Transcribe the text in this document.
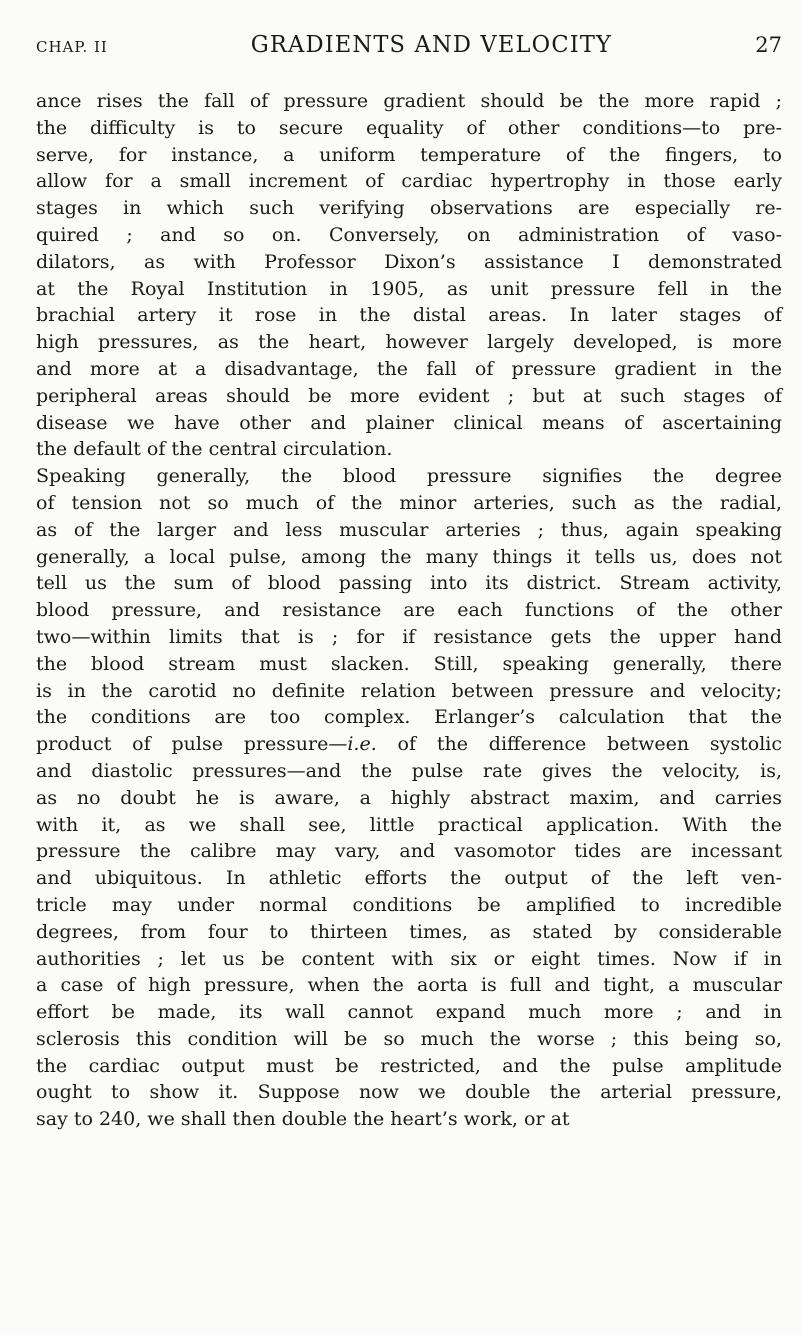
CHAP. II	GRADIENTS AND VELOCITY	27

ance rises the fall of pressure gradient should be the more rapid ;
the difficulty is to secure equality of other conditions—to pre-
serve, for instance, a uniform temperature of the fingers, to
allow for a small increment of cardiac hypertrophy in those early
stages in which such verifying observations are especially re-
quired ; and so on. Conversely, on administration of vaso-
dilators, as with Professor Dixon’s assistance I demonstrated
at the Royal Institution in 1905, as unit pressure fell in the
brachial artery it rose in the distal areas. In later stages of
high pressures, as the heart, however largely developed, is more
and more at a disadvantage, the fall of pressure gradient in the
peripheral areas should be more evident ; but at such stages of
disease we have other and plainer clinical means of ascertaining
the default of the central circulation.

Speaking generally, the blood pressure signifies the degree
of tension not so much of the minor arteries, such as the radial,
as of the larger and less muscular arteries ; thus, again speaking
generally, a local pulse, among the many things it tells us, does not
tell us the sum of blood passing into its district. Stream activity,
blood pressure, and resistance are each functions of the other
two—within limits that is ; for if resistance gets the upper hand
the blood stream must slacken. Still, speaking generally, there
is in the carotid no definite relation between pressure and velocity;
the conditions are too complex. Erlanger’s calculation that the
product of pulse pressure—i.e. of the difference between systolic
and diastolic pressures—and the pulse rate gives the velocity, is,
as no doubt he is aware, a highly abstract maxim, and carries
with it, as we shall see, little practical application. With the
pressure the calibre may vary, and vasomotor tides are incessant
and ubiquitous. In athletic efforts the output of the left ven-
tricle may under normal conditions be amplified to incredible
degrees, from four to thirteen times, as stated by considerable
authorities ; let us be content with six or eight times. Now if in
a case of high pressure, when the aorta is full and tight, a muscular
effort be made, its wall cannot expand much more ; and in
sclerosis this condition will be so much the worse ; this being so,
the cardiac output must be restricted, and the pulse amplitude
ought to show it. Suppose now we double the arterial pressure,
say to 240, we shall then double the heart’s work, or at
